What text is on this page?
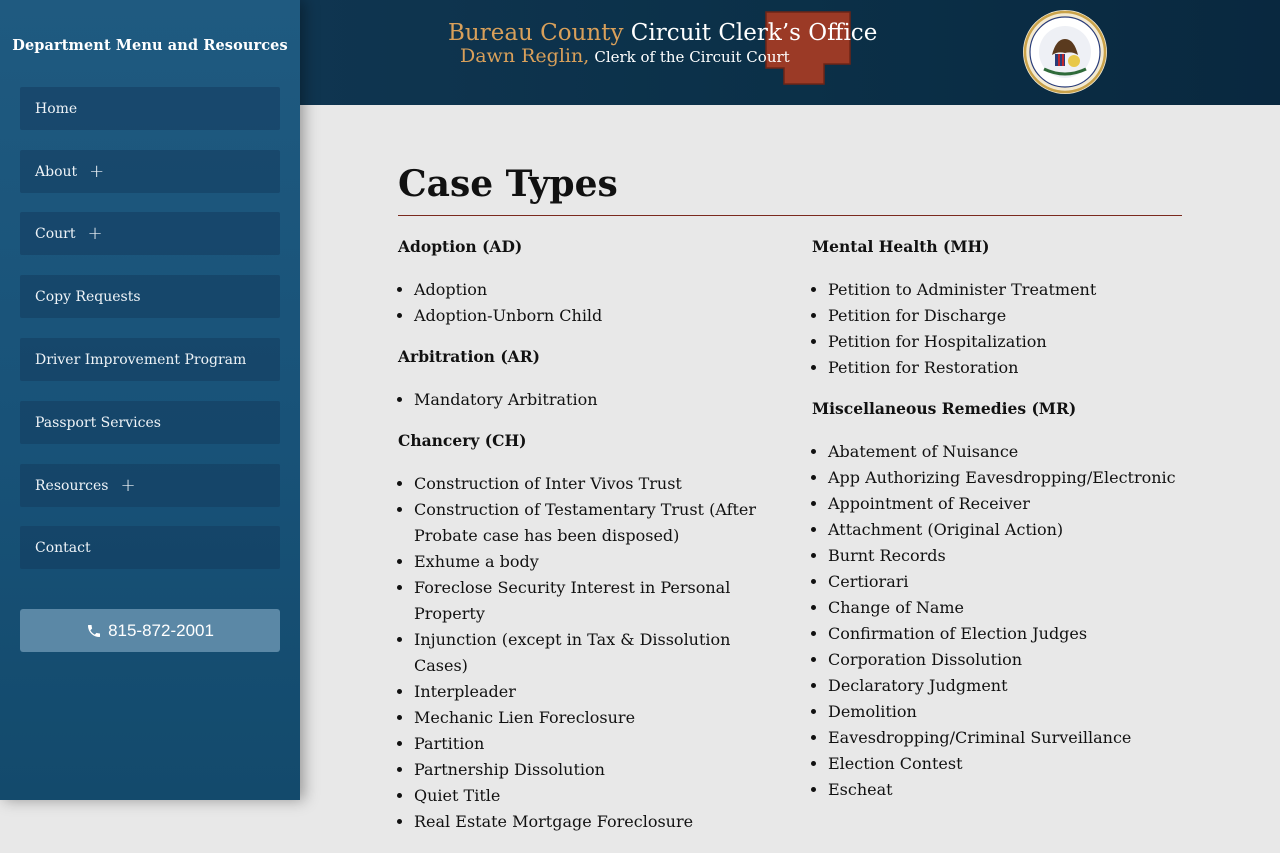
Department Menu and Resources
Home
About +
Court +
Copy Requests
Driver Improvement Program
Passport Services
Resources +
Contact
815-872-2001
Bureau County Circuit Clerk’s Office
Dawn Reglin, Clerk of the Circuit Court
Case Types
Adoption (AD)
• Adoption
• Adoption-Unborn Child
Arbitration (AR)
• Mandatory Arbitration
Chancery (CH)
• Construction of Inter Vivos Trust
• Construction of Testamentary Trust (After Probate case has been disposed)
• Exhume a body
• Foreclose Security Interest in Personal Property
• Injunction (except in Tax & Dissolution Cases)
• Interpleader
• Mechanic Lien Foreclosure
• Partition
• Partnership Dissolution
• Quiet Title
• Real Estate Mortgage Foreclosure
Mental Health (MH)
• Petition to Administer Treatment
• Petition for Discharge
• Petition for Hospitalization
• Petition for Restoration
Miscellaneous Remedies (MR)
• Abatement of Nuisance
• App Authorizing Eavesdropping/Electronic
• Appointment of Receiver
• Attachment (Original Action)
• Burnt Records
• Certiorari
• Change of Name
• Confirmation of Election Judges
• Corporation Dissolution
• Declaratory Judgment
• Demolition
• Eavesdropping/Criminal Surveillance
• Election Contest
• Escheat
